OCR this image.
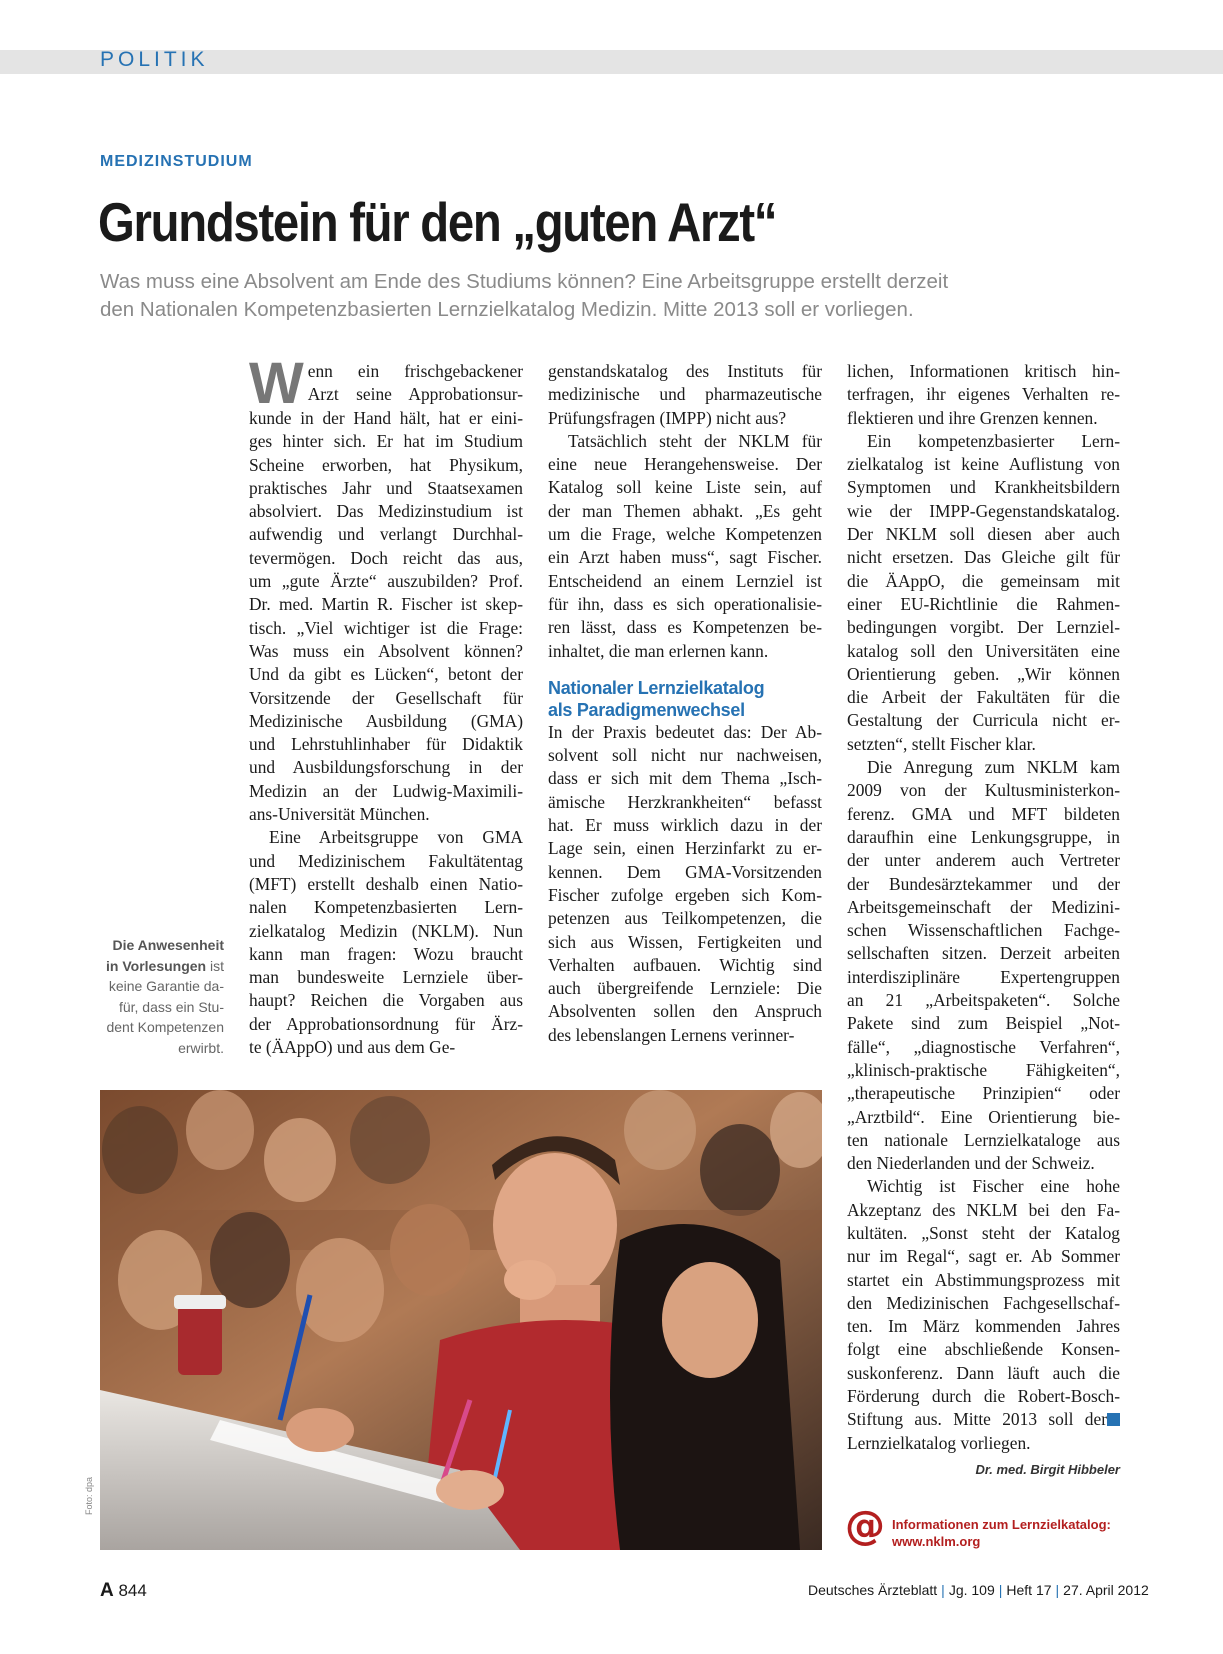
POLITIK
MEDIZINSTUDIUM
Grundstein für den „guten Arzt“
Was muss eine Absolvent am Ende des Studiums können? Eine Arbeitsgruppe erstellt derzeit
den Nationalen Kompetenzbasierten Lernzielkatalog Medizin. Mitte 2013 soll er vorliegen.
W enn ein frischgebackener
Arzt seine Approbationsur-
kunde in der Hand hält, hat er eini-
ges hinter sich. Er hat im Studium
Scheine erworben, hat Physikum,
praktisches Jahr und Staatsexamen
absolviert. Das Medizinstudium ist
aufwendig und verlangt Durchhal-
tevermögen. Doch reicht das aus,
um „gute Ärzte“ auszubilden? Prof.
Dr. med. Martin R. Fischer ist skep-
tisch. „Viel wichtiger ist die Frage:
Was muss ein Absolvent können?
Und da gibt es Lücken“, betont der
Vorsitzende der Gesellschaft für
Medizinische Ausbildung (GMA)
und Lehrstuhlinhaber für Didaktik
und Ausbildungsforschung in der
Medizin an der Ludwig-Maximili-
ans-Universität München.
Eine Arbeitsgruppe von GMA
und Medizinischem Fakultätentag
(MFT) erstellt deshalb einen Natio-
nalen Kompetenzbasierten Lern-
zielkatalog Medizin (NKLM). Nun
kann man fragen: Wozu braucht
man bundesweite Lernziele über-
haupt? Reichen die Vorgaben aus
der Approbationsordnung für Ärz-
te (ÄAppO) und aus dem Ge-
genstandskatalog des Instituts für
medizinische und pharmazeutische
Prüfungsfragen (IMPP) nicht aus?
Tatsächlich steht der NKLM für
eine neue Herangehensweise. Der
Katalog soll keine Liste sein, auf
der man Themen abhakt. „Es geht
um die Frage, welche Kompetenzen
ein Arzt haben muss“, sagt Fischer.
Entscheidend an einem Lernziel ist
für ihn, dass es sich operationalisie-
ren lässt, dass es Kompetenzen be-
inhaltet, die man erlernen kann.
Nationaler Lernzielkatalog
als Paradigmenwechsel
In der Praxis bedeutet das: Der Ab-
solvent soll nicht nur nachweisen,
dass er sich mit dem Thema „Isch-
ämische Herzkrankheiten“ befasst
hat. Er muss wirklich dazu in der
Lage sein, einen Herzinfarkt zu er-
kennen. Dem GMA-Vorsitzenden
Fischer zufolge ergeben sich Kom-
petenzen aus Teilkompetenzen, die
sich aus Wissen, Fertigkeiten und
Verhalten aufbauen. Wichtig sind
auch übergreifende Lernziele: Die
Absolventen sollen den Anspruch
des lebenslangen Lernens verinner-
lichen, Informationen kritisch hin-
terfragen, ihr eigenes Verhalten re-
flektieren und ihre Grenzen kennen.
Ein kompetenzbasierter Lern-
zielkatalog ist keine Auflistung von
Symptomen und Krankheitsbildern
wie der IMPP-Gegenstandskatalog.
Der NKLM soll diesen aber auch
nicht ersetzen. Das Gleiche gilt für
die ÄAppO, die gemeinsam mit
einer EU-Richtlinie die Rahmen-
bedingungen vorgibt. Der Lernziel-
katalog soll den Universitäten eine
Orientierung geben. „Wir können
die Arbeit der Fakultäten für die
Gestaltung der Curricula nicht er-
setzten“, stellt Fischer klar.
Die Anregung zum NKLM kam
2009 von der Kultusministerkon-
ferenz. GMA und MFT bildeten
daraufhin eine Lenkungsgruppe, in
der unter anderem auch Vertreter
der Bundesärztekammer und der
Arbeitsgemeinschaft der Medizini-
schen Wissenschaftlichen Fachge-
sellschaften sitzen. Derzeit arbeiten
interdisziplinäre Expertengruppen
an 21 „Arbeitspaketen“. Solche
Pakete sind zum Beispiel „Not-
fälle“, „diagnostische Verfahren“,
„klinisch-praktische Fähigkeiten“,
„therapeutische Prinzipien“ oder
„Arztbild“. Eine Orientierung bie-
ten nationale Lernzielkataloge aus
den Niederlanden und der Schweiz.
Wichtig ist Fischer eine hohe
Akzeptanz des NKLM bei den Fa-
kultäten. „Sonst steht der Katalog
nur im Regal“, sagt er. Ab Sommer
startet ein Abstimmungsprozess mit
den Medizinischen Fachgesellschaf-
ten. Im März kommenden Jahres
folgt eine abschließende Konsen-
suskonferenz. Dann läuft auch die
Förderung durch die Robert-Bosch-
Stiftung aus. Mitte 2013 soll der
Lernzielkatalog vorliegen.
Die Anwesenheit
in Vorlesungen ist
keine Garantie da-
für, dass ein Stu-
dent Kompetenzen
erwirbt.
Foto: dpa
Dr. med. Birgit Hibbeler
@ Informationen zum Lernzielkatalog:
www.nklm.org
A 844	Deutsches Ärzteblatt | Jg. 109 | Heft 17 | 27. April 2012
